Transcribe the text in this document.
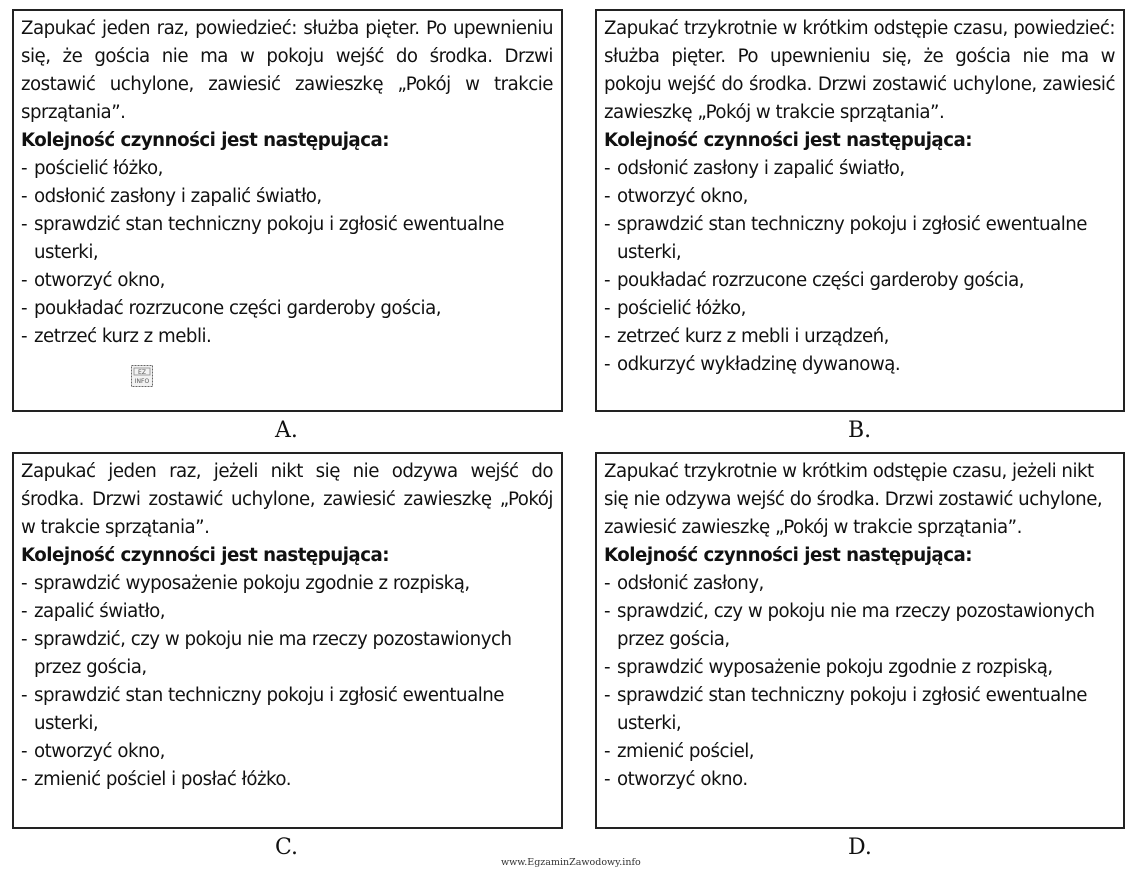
Zapukać jeden raz, powiedzieć: służba pięter. Po upewnieniu się, że gościa nie ma w pokoju wejść do środka. Drzwi zostawić uchylone, zawiesić zawieszkę „Pokój w trakcie sprzątania”.

Kolejność czynności jest następująca:

- pościelić łóżko,
- odsłonić zasłony i zapalić światło,
- sprawdzić stan techniczny pokoju i zgłosić ewentualne usterki,
- otworzyć okno,
- poukładać rozrzucone części garderoby gościa,
- zetrzeć kurz z mebli.
EZ
INFO
A.

Zapukać trzykrotnie w krótkim odstępie czasu, powiedzieć: służba pięter. Po upewnieniu się, że gościa nie ma w pokoju wejść do środka. Drzwi zostawić uchylone, zawiesić zawieszkę „Pokój w trakcie sprzątania”.

Kolejność czynności jest następująca:

- odsłonić zasłony i zapalić światło,
- otworzyć okno,
- sprawdzić stan techniczny pokoju i zgłosić ewentualne usterki,
- poukładać rozrzucone części garderoby gościa,
- pościelić łóżko,
- zetrzeć kurz z mebli i urządzeń,
- odkurzyć wykładzinę dywanową.
B.

Zapukać jeden raz, jeżeli nikt się nie odzywa wejść do środka. Drzwi zostawić uchylone, zawiesić zawieszkę „Pokój w trakcie sprzątania”.

Kolejność czynności jest następująca:

- sprawdzić wyposażenie pokoju zgodnie z rozpiską,
- zapalić światło,
- sprawdzić, czy w pokoju nie ma rzeczy pozostawionych przez gościa,
- sprawdzić stan techniczny pokoju i zgłosić ewentualne usterki,
- otworzyć okno,
- zmienić pościel i posłać łóżko.
C.

Zapukać trzykrotnie w krótkim odstępie czasu, jeżeli nikt się nie odzywa wejść do środka. Drzwi zostawić uchylone, zawiesić zawieszkę „Pokój w trakcie sprzątania”.

Kolejność czynności jest następująca:

- odsłonić zasłony,
- sprawdzić, czy w pokoju nie ma rzeczy pozostawionych przez gościa,
- sprawdzić wyposażenie pokoju zgodnie z rozpiską,
- sprawdzić stan techniczny pokoju i zgłosić ewentualne usterki,
- zmienić pościel,
- otworzyć okno.
D.
www.EgzaminZawodowy.info
